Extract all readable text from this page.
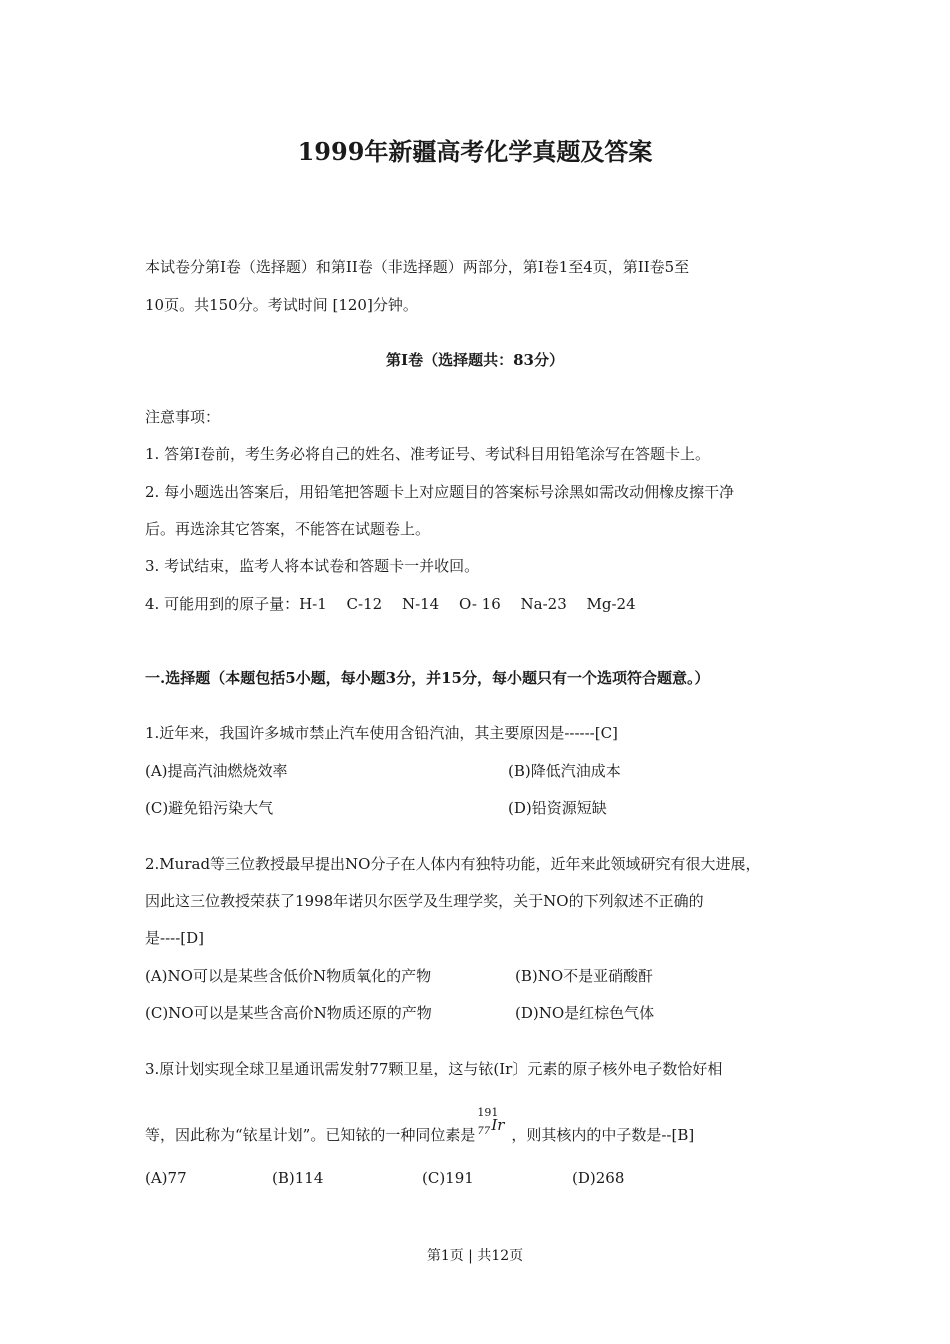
1999年新疆高考化学真题及答案
本试卷分第Ⅰ卷（选择题）和第II卷（非选择题）两部分，第Ⅰ卷1至4页，第II卷5至
10页。共150分。考试时间 [120]分钟。
第Ⅰ卷（选择题共：83分）
注意事项：
1. 答第Ⅰ卷前，考生务必将自己的姓名、准考证号、考试科目用铅笔涂写在答题卡上。
2. 每小题选出答案后，用铅笔把答题卡上对应题目的答案标号涂黑如需改动佣橡皮擦干净
后。再选涂其它答案，不能答在试题卷上。
3. 考试结束，监考人将本试卷和答题卡一并收回。
4. 可能用到的原子量：H-1　 C-12　 N-14　 O- 16　 Na-23　 Mg-24
一.选择题（本题包括5小题，每小题3分，并15分，每小题只有一个选项符合题意。）
1.近年来，我国许多城市禁止汽车使用含铅汽油，其主要原因是------[C]
(A)提高汽油燃烧效率	(B)降低汽油成本
(C)避免铅污染大气	(D)铅资源短缺
2.Murad等三位教授最早提出NO分子在人体内有独特功能，近年来此领域研究有很大进展，
因此这三位教授荣获了1998年诺贝尔医学及生理学奖，关于NO的下列叙述不正确的
是----[D]
(A)NO可以是某些含低价N物质氧化的产物	(B)NO不是亚硝酸酐
(C)NO可以是某些含高价N物质还原的产物	(D)NO是红棕色气体
3.原计划实现全球卫星通讯需发射77颗卫星，这与铱(Ir〕元素的原子核外电子数恰好相
等，因此称为“铱星计划”。已知铱的一种同位素是
191
77 Ir
，则其核内的中子数是--[B]
(A)77	(B)114	(C)191	(D)268
第1页 | 共12页
